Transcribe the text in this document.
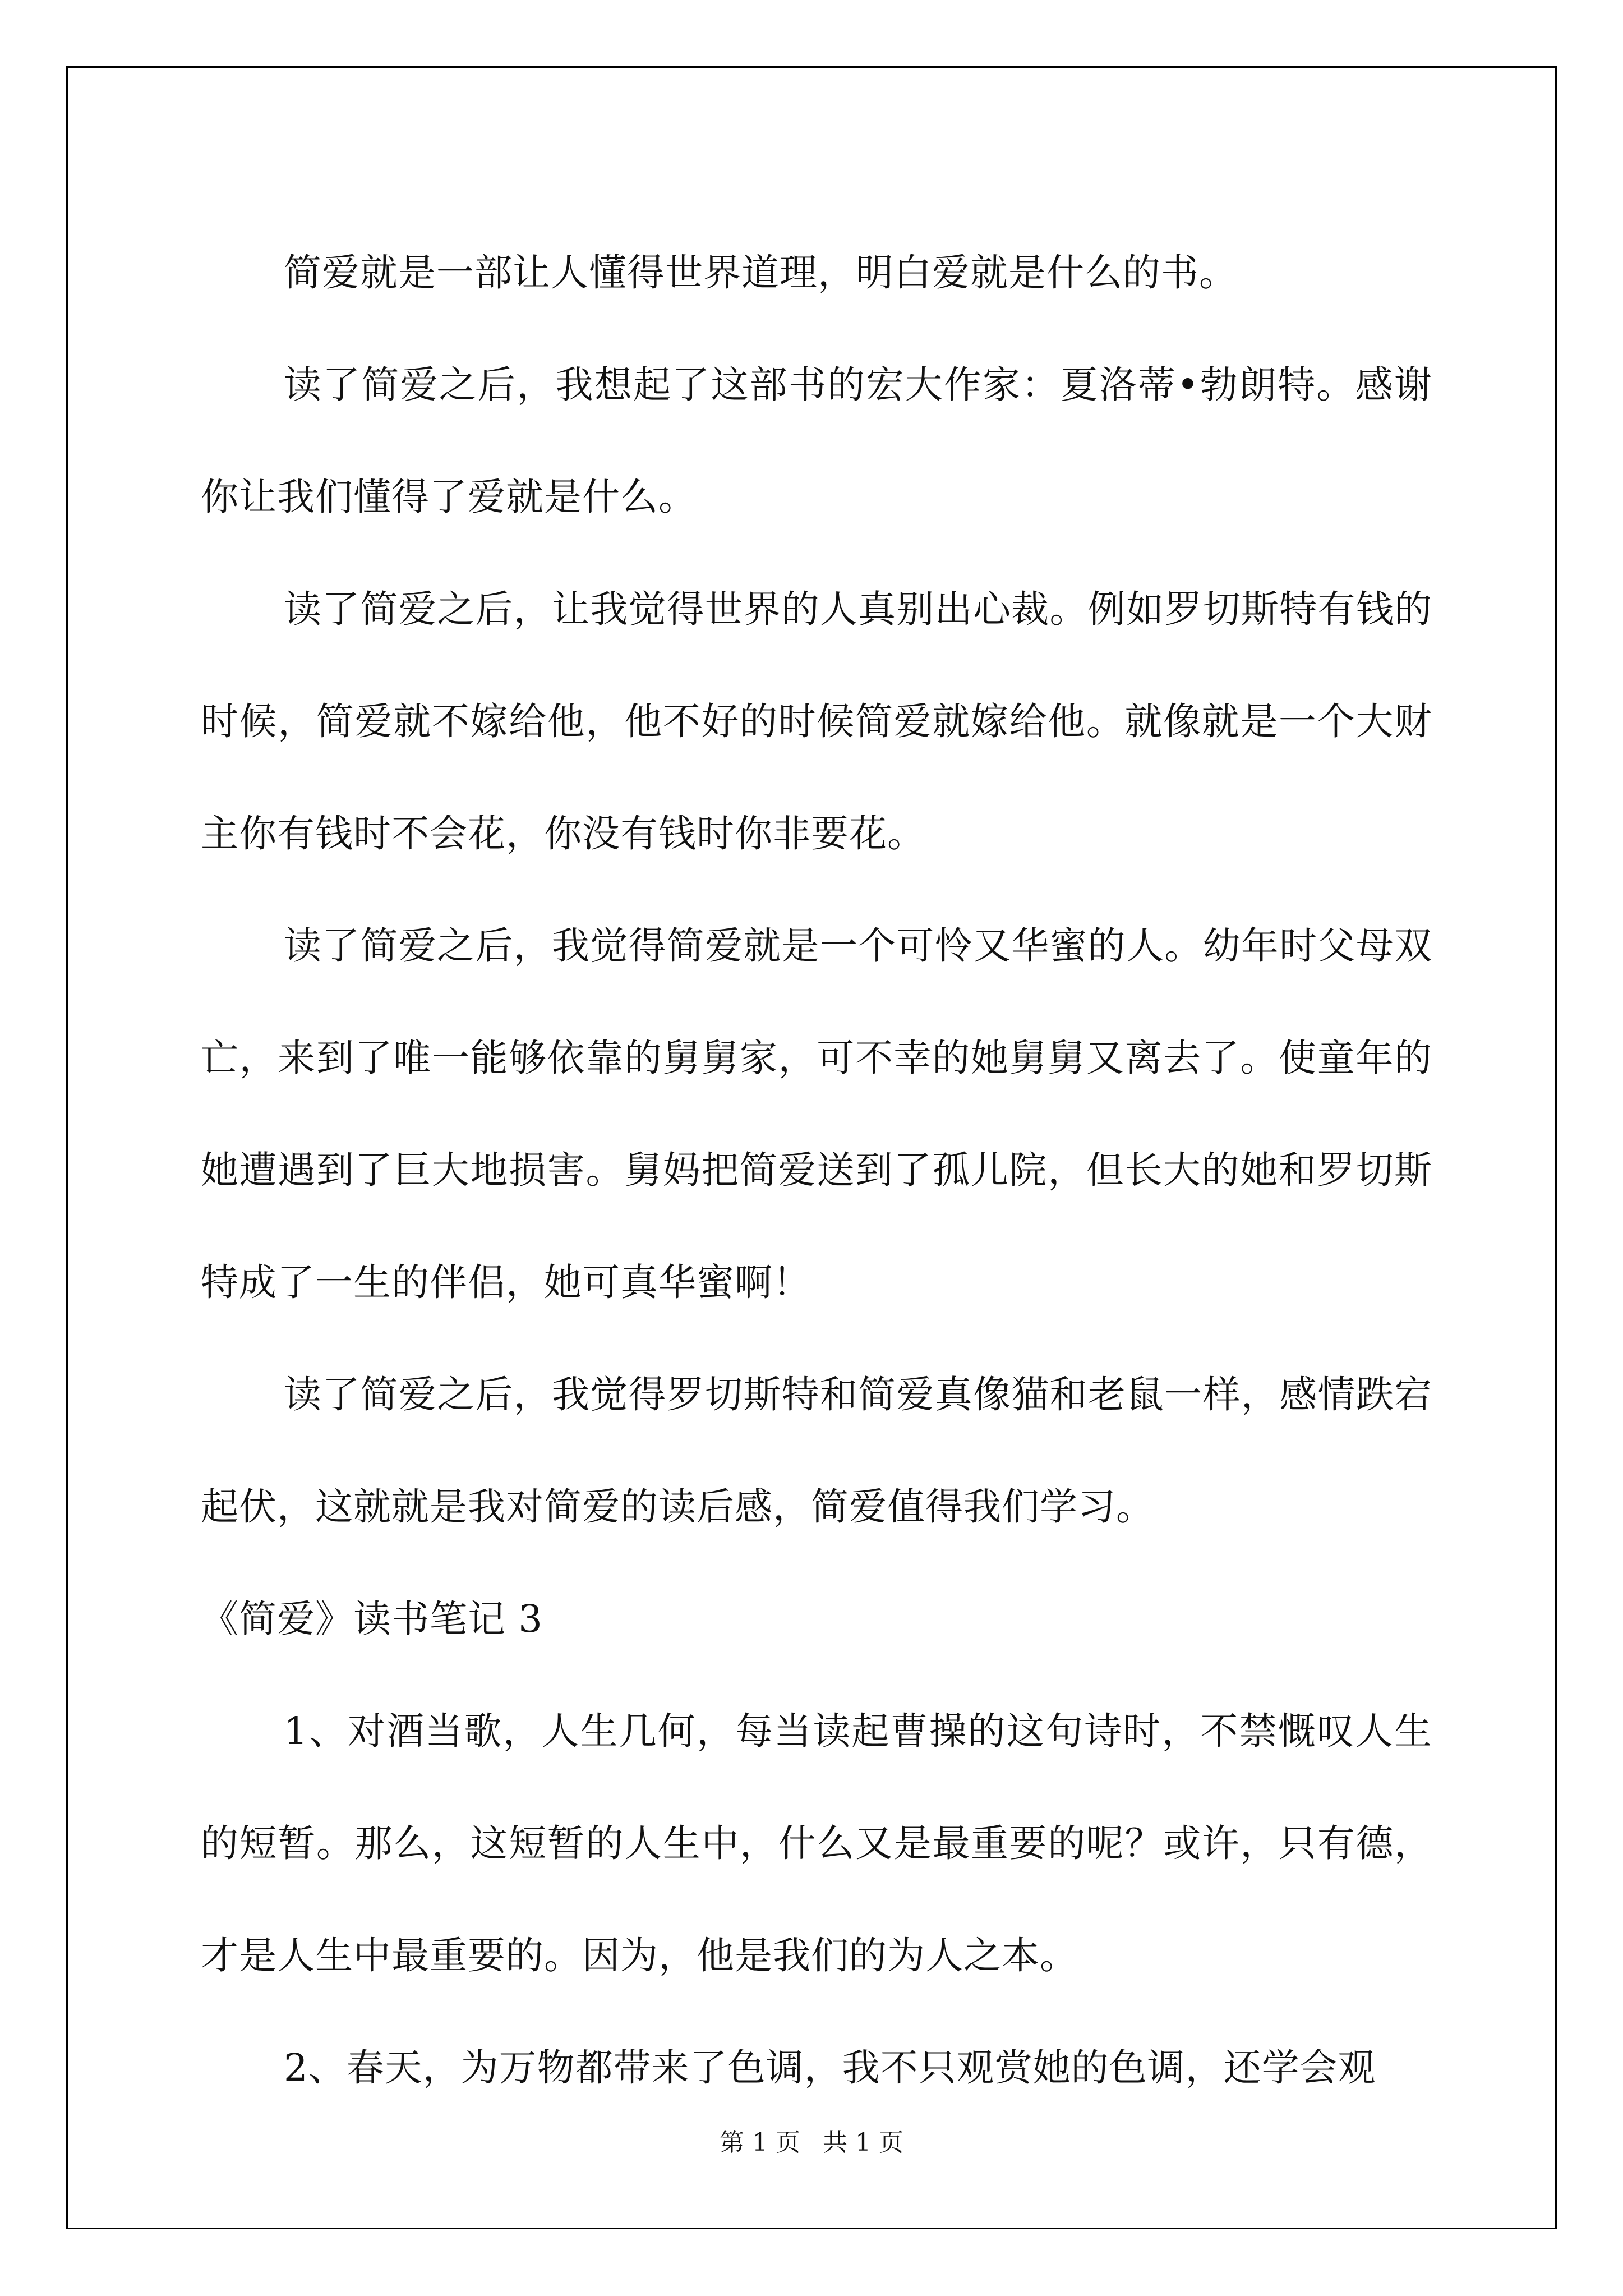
简爱就是一部让人懂得世界道理，明白爱就是什么的书。

读了简爱之后，我想起了这部书的宏大作家：夏洛蒂•勃朗特。感谢你让我们懂得了爱就是什么。

读了简爱之后，让我觉得世界的人真别出心裁。例如罗切斯特有钱的时候，简爱就不嫁给他，他不好的时候简爱就嫁给他。就像就是一个大财主你有钱时不会花，你没有钱时你非要花。

读了简爱之后，我觉得简爱就是一个可怜又华蜜的人。幼年时父母双亡，来到了唯一能够依靠的舅舅家，可不幸的她舅舅又离去了。使童年的她遭遇到了巨大地损害。舅妈把简爱送到了孤儿院，但长大的她和罗切斯特成了一生的伴侣，她可真华蜜啊！

读了简爱之后，我觉得罗切斯特和简爱真像猫和老鼠一样，感情跌宕起伏，这就就是我对简爱的读后感，简爱值得我们学习。

《简爱》读书笔记 3

1、对酒当歌，人生几何，每当读起曹操的这句诗时，不禁慨叹人生的短暂。那么，这短暂的人生中，什么又是最重要的呢？或许，只有德，才是人生中最重要的。因为，他是我们的为人之本。

2、春天，为万物都带来了色调，我不只观赏她的色调，还学会观

第 1 页 共 1 页
